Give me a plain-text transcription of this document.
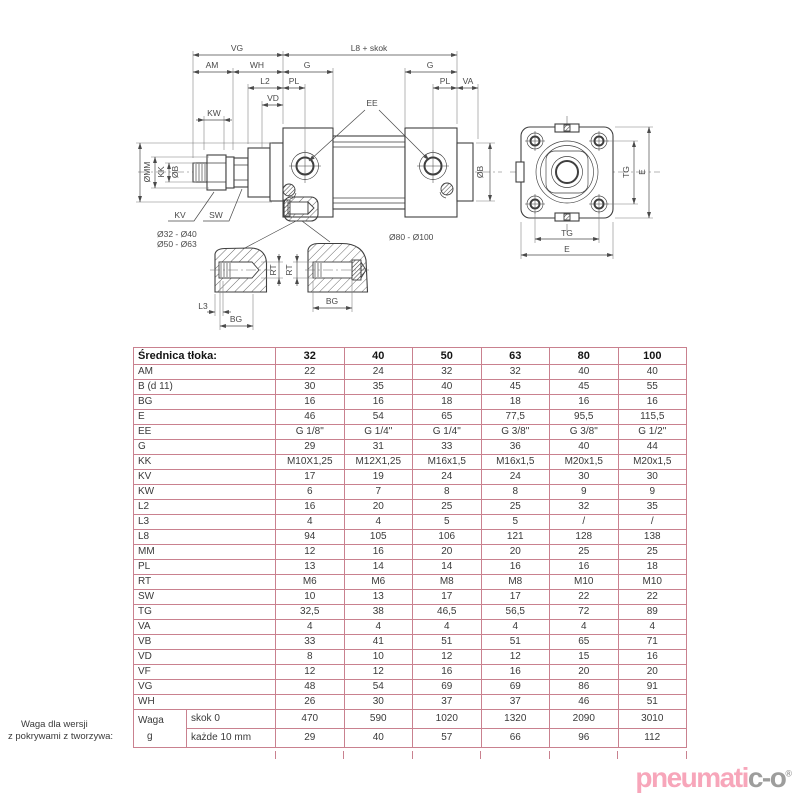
VG	L8 + skok
AM	WH	G	G
L2 PL	PL VA
VD
KW
ØMM KK ØB	ØB
EE
KV	SW
Ø32 - Ø40
Ø50 - Ø63
Ø80 - Ø100
TG E
TG
E
RT
L3
BG
RT
BG
Średnica tłoka:		32	40	50	63	80	100
AM		22	24	32	32	40	40
B (d 11)		30	35	40	45	45	55
BG		16	16	18	18	16	16
E		46	54	65	77,5	95,5	115,5
EE		G 1/8"	G 1/4"	G 1/4"	G 3/8"	G 3/8"	G 1/2"
G		29	31	33	36	40	44
KK		M10X1,25	M12X1,25	M16x1,5	M16x1,5	M20x1,5	M20x1,5
KV		17	19	24	24	30	30
KW		6	7	8	8	9	9
L2		16	20	25	25	32	35
L3		4	4	5	5	/	/
L8		94	105	106	121	128	138
MM		12	16	20	20	25	25
PL		13	14	14	16	16	18
RT		M6	M6	M8	M8	M10	M10
SW		10	13	17	17	22	22
TG		32,5	38	46,5	56,5	72	89
VA		4	4	4	4	4	4
VB		33	41	51	51	65	71
VD		8	10	12	12	15	16
VF		12	12	16	16	20	20
VG		48	54	69	69	86	91
WH		26	30	37	37	46	51

Waga
g	skok 0	470	590	1020	1320	2090	3010
	każde 10 mm	29	40	57	66	96	112
Waga dla wersji
z pokrywami z tworzywa:
pneumatic-o®
